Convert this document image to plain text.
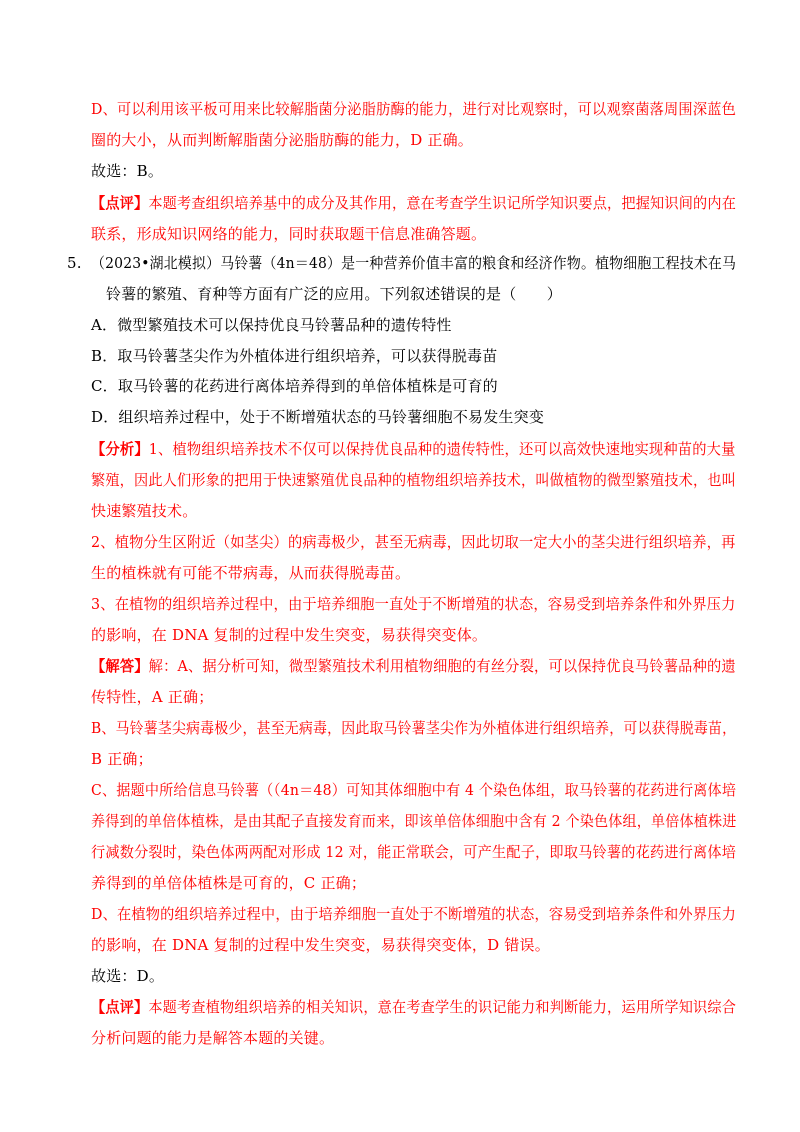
D、可以利用该平板可用来比较解脂菌分泌脂肪酶的能力，进行对比观察时，可以观察菌落周围深蓝色
圈的大小，从而判断解脂菌分泌脂肪酶的能力，D 正确。
故选：B。
【点评】本题考查组织培养基中的成分及其作用，意在考查学生识记所学知识要点，把握知识间的内在
联系，形成知识网络的能力，同时获取题干信息准确答题。
5. （2023•湖北模拟）马铃薯（4n＝48）是一种营养价值丰富的粮食和经济作物。植物细胞工程技术在马
铃薯的繁殖、育种等方面有广泛的应用。下列叙述错误的是（　　）
A．微型繁殖技术可以保持优良马铃薯品种的遗传特性
B．取马铃薯茎尖作为外植体进行组织培养，可以获得脱毒苗
C．取马铃薯的花药进行离体培养得到的单倍体植株是可育的
D．组织培养过程中，处于不断增殖状态的马铃薯细胞不易发生突变
【分析】1、植物组织培养技术不仅可以保持优良品种的遗传特性，还可以高效快速地实现种苗的大量
繁殖，因此人们形象的把用于快速繁殖优良品种的植物组织培养技术，叫做植物的微型繁殖技术，也叫
快速繁殖技术。
2、植物分生区附近（如茎尖）的病毒极少，甚至无病毒，因此切取一定大小的茎尖进行组织培养，再
生的植株就有可能不带病毒，从而获得脱毒苗。
3、在植物的组织培养过程中，由于培养细胞一直处于不断增殖的状态，容易受到培养条件和外界压力
的影响，在 DNA 复制的过程中发生突变，易获得突变体。
【解答】解：A、据分析可知，微型繁殖技术利用植物细胞的有丝分裂，可以保持优良马铃薯品种的遗
传特性，A 正确；
B、马铃薯茎尖病毒极少，甚至无病毒，因此取马铃薯茎尖作为外植体进行组织培养，可以获得脱毒苗，
B 正确；
C、据题中所给信息马铃薯（（4n＝48）可知其体细胞中有 4 个染色体组，取马铃薯的花药进行离体培
养得到的单倍体植株，是由其配子直接发育而来，即该单倍体细胞中含有 2 个染色体组，单倍体植株进
行减数分裂时，染色体两两配对形成 12 对，能正常联会，可产生配子，即取马铃薯的花药进行离体培
养得到的单倍体植株是可育的，C 正确；
D、在植物的组织培养过程中，由于培养细胞一直处于不断增殖的状态，容易受到培养条件和外界压力
的影响，在 DNA 复制的过程中发生突变，易获得突变体，D 错误。
故选：D。
【点评】本题考查植物组织培养的相关知识，意在考查学生的识记能力和判断能力，运用所学知识综合
分析问题的能力是解答本题的关键。
